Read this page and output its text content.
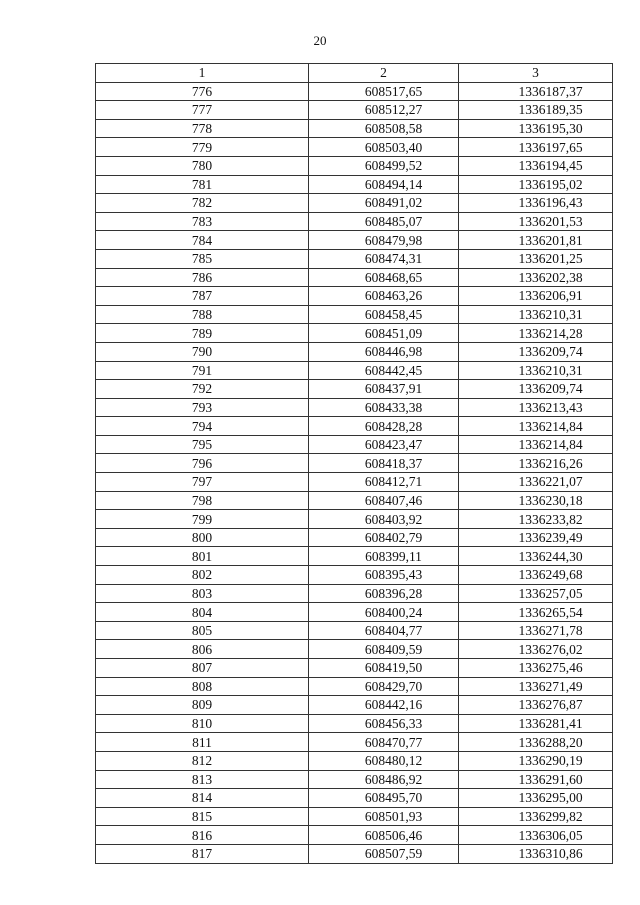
20
1	2	3
776	608517,65	1336187,37
777	608512,27	1336189,35
778	608508,58	1336195,30
779	608503,40	1336197,65
780	608499,52	1336194,45
781	608494,14	1336195,02
782	608491,02	1336196,43
783	608485,07	1336201,53
784	608479,98	1336201,81
785	608474,31	1336201,25
786	608468,65	1336202,38
787	608463,26	1336206,91
788	608458,45	1336210,31
789	608451,09	1336214,28
790	608446,98	1336209,74
791	608442,45	1336210,31
792	608437,91	1336209,74
793	608433,38	1336213,43
794	608428,28	1336214,84
795	608423,47	1336214,84
796	608418,37	1336216,26
797	608412,71	1336221,07
798	608407,46	1336230,18
799	608403,92	1336233,82
800	608402,79	1336239,49
801	608399,11	1336244,30
802	608395,43	1336249,68
803	608396,28	1336257,05
804	608400,24	1336265,54
805	608404,77	1336271,78
806	608409,59	1336276,02
807	608419,50	1336275,46
808	608429,70	1336271,49
809	608442,16	1336276,87
810	608456,33	1336281,41
811	608470,77	1336288,20
812	608480,12	1336290,19
813	608486,92	1336291,60
814	608495,70	1336295,00
815	608501,93	1336299,82
816	608506,46	1336306,05
817	608507,59	1336310,86
